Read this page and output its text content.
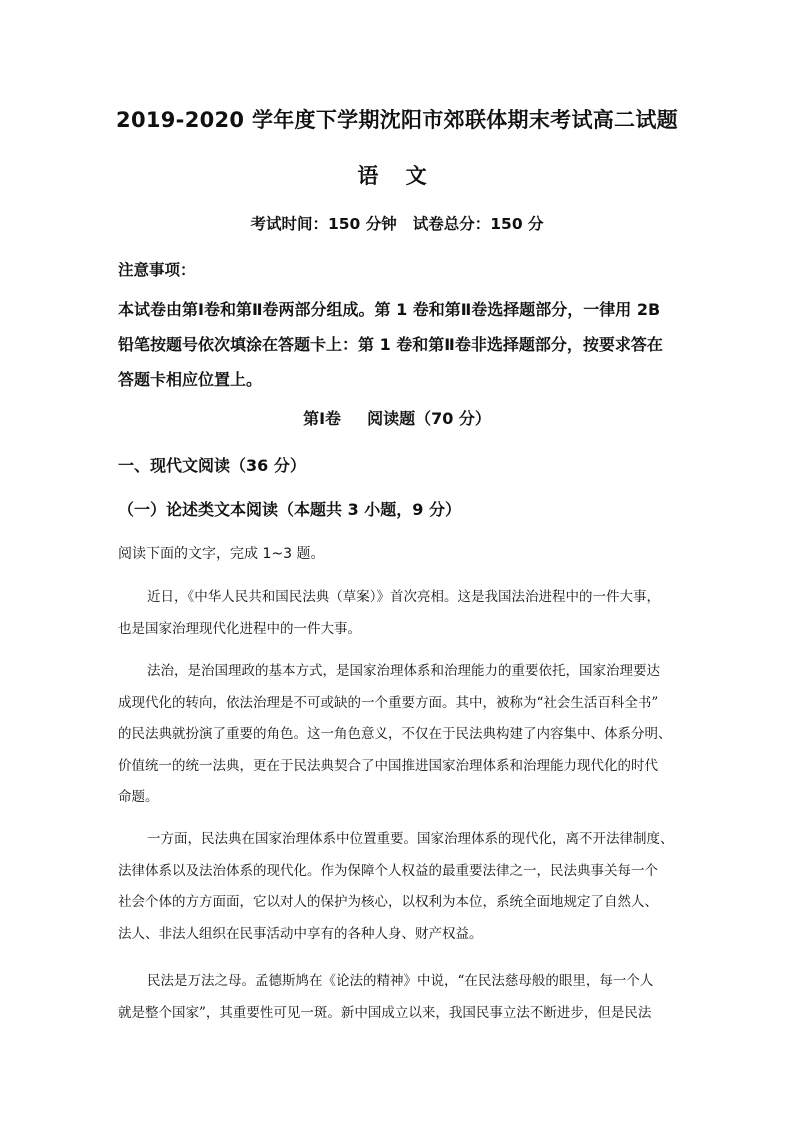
2019-2020 学年度下学期沈阳市郊联体期末考试高二试题
语 文
考试时间：150 分钟 试卷总分：150 分
注意事项：
本试卷由第Ⅰ卷和第Ⅱ卷两部分组成。第 1 卷和第Ⅱ卷选择题部分，一律用 2B
铅笔按题号依次填涂在答题卡上：第 1 卷和第Ⅱ卷非选择题部分，按要求答在
答题卡相应位置上。
第Ⅰ卷 阅读题（70 分）
一、现代文阅读（36 分）
（一）论述类文本阅读（本题共 3 小题，9 分）
阅读下面的文字，完成 1~3 题。
近日，《中华人民共和国民法典（草案）》首次亮相。这是我国法治进程中的一件大事，
也是国家治理现代化进程中的一件大事。
法治，是治国理政的基本方式，是国家治理体系和治理能力的重要依托，国家治理要达
成现代化的转向，依法治理是不可或缺的一个重要方面。其中，被称为“社会生活百科全书”
的民法典就扮演了重要的角色。这一角色意义，不仅在于民法典构建了内容集中、体系分明、
价值统一的统一法典，更在于民法典契合了中国推进国家治理体系和治理能力现代化的时代
命题。
一方面，民法典在国家治理体系中位置重要。国家治理体系的现代化，离不开法律制度、
法律体系以及法治体系的现代化。作为保障个人权益的最重要法律之一，民法典事关每一个
社会个体的方方面面，它以对人的保护为核心，以权利为本位，系统全面地规定了自然人、
法人、非法人组织在民事活动中享有的各种人身、财产权益。
民法是万法之母。孟德斯鸠在《论法的精神》中说，“在民法慈母般的眼里，每一个人
就是整个国家”，其重要性可见一斑。新中国成立以来，我国民事立法不断进步，但是民法
